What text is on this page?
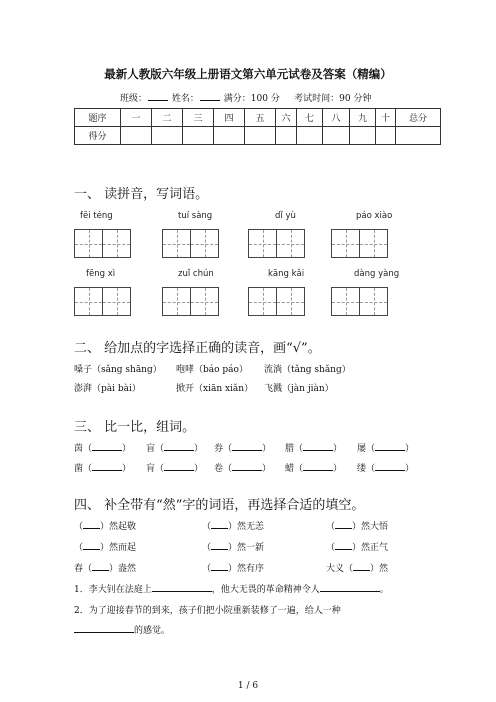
最新人教版六年级上册语文第六单元试卷及答案（精编）
班级：	姓名：	满分：100 分 考试时间：90 分钟
题序	一	二	三	四	五	六	七	八	九	十	总分
得分											
一、 读拼音，写词语。
fēi téng	tuí sàng	dǐ yù	páo xiào
fēng xì	zuǐ chún	kāng kǎi	dàng yàng
二、 给加点的字选择正确的读音，画“√”。
嗓子（sǎng shāng） 咆哮（báo páo） 流淌（tǎng shǎng）
澎湃（pài bài）	掀开（xiān xiǎn） 飞溅（jàn jiàn）
三、 比一比，组词。
茵（	） 盲（	） 券（	） 腊（	） 屡（	）
菌（	） 肓（	） 卷（	） 蜡（	） 缕（	）
四、 补全带有“然”字的词语，再选择合适的填空。
（ ）然起敬	（ ）然无恙	（ ）然大悟
（ ）然而起	（ ）然一新	（ ）然正气
春（ ）盎然	（ ）然有序	大义（ ）然
1．李大钊在法庭上	，他大无畏的革命精神令人	。
2．为了迎接春节的到来，孩子们把小院重新装修了一遍，给人一种
的感觉。
1 / 6
